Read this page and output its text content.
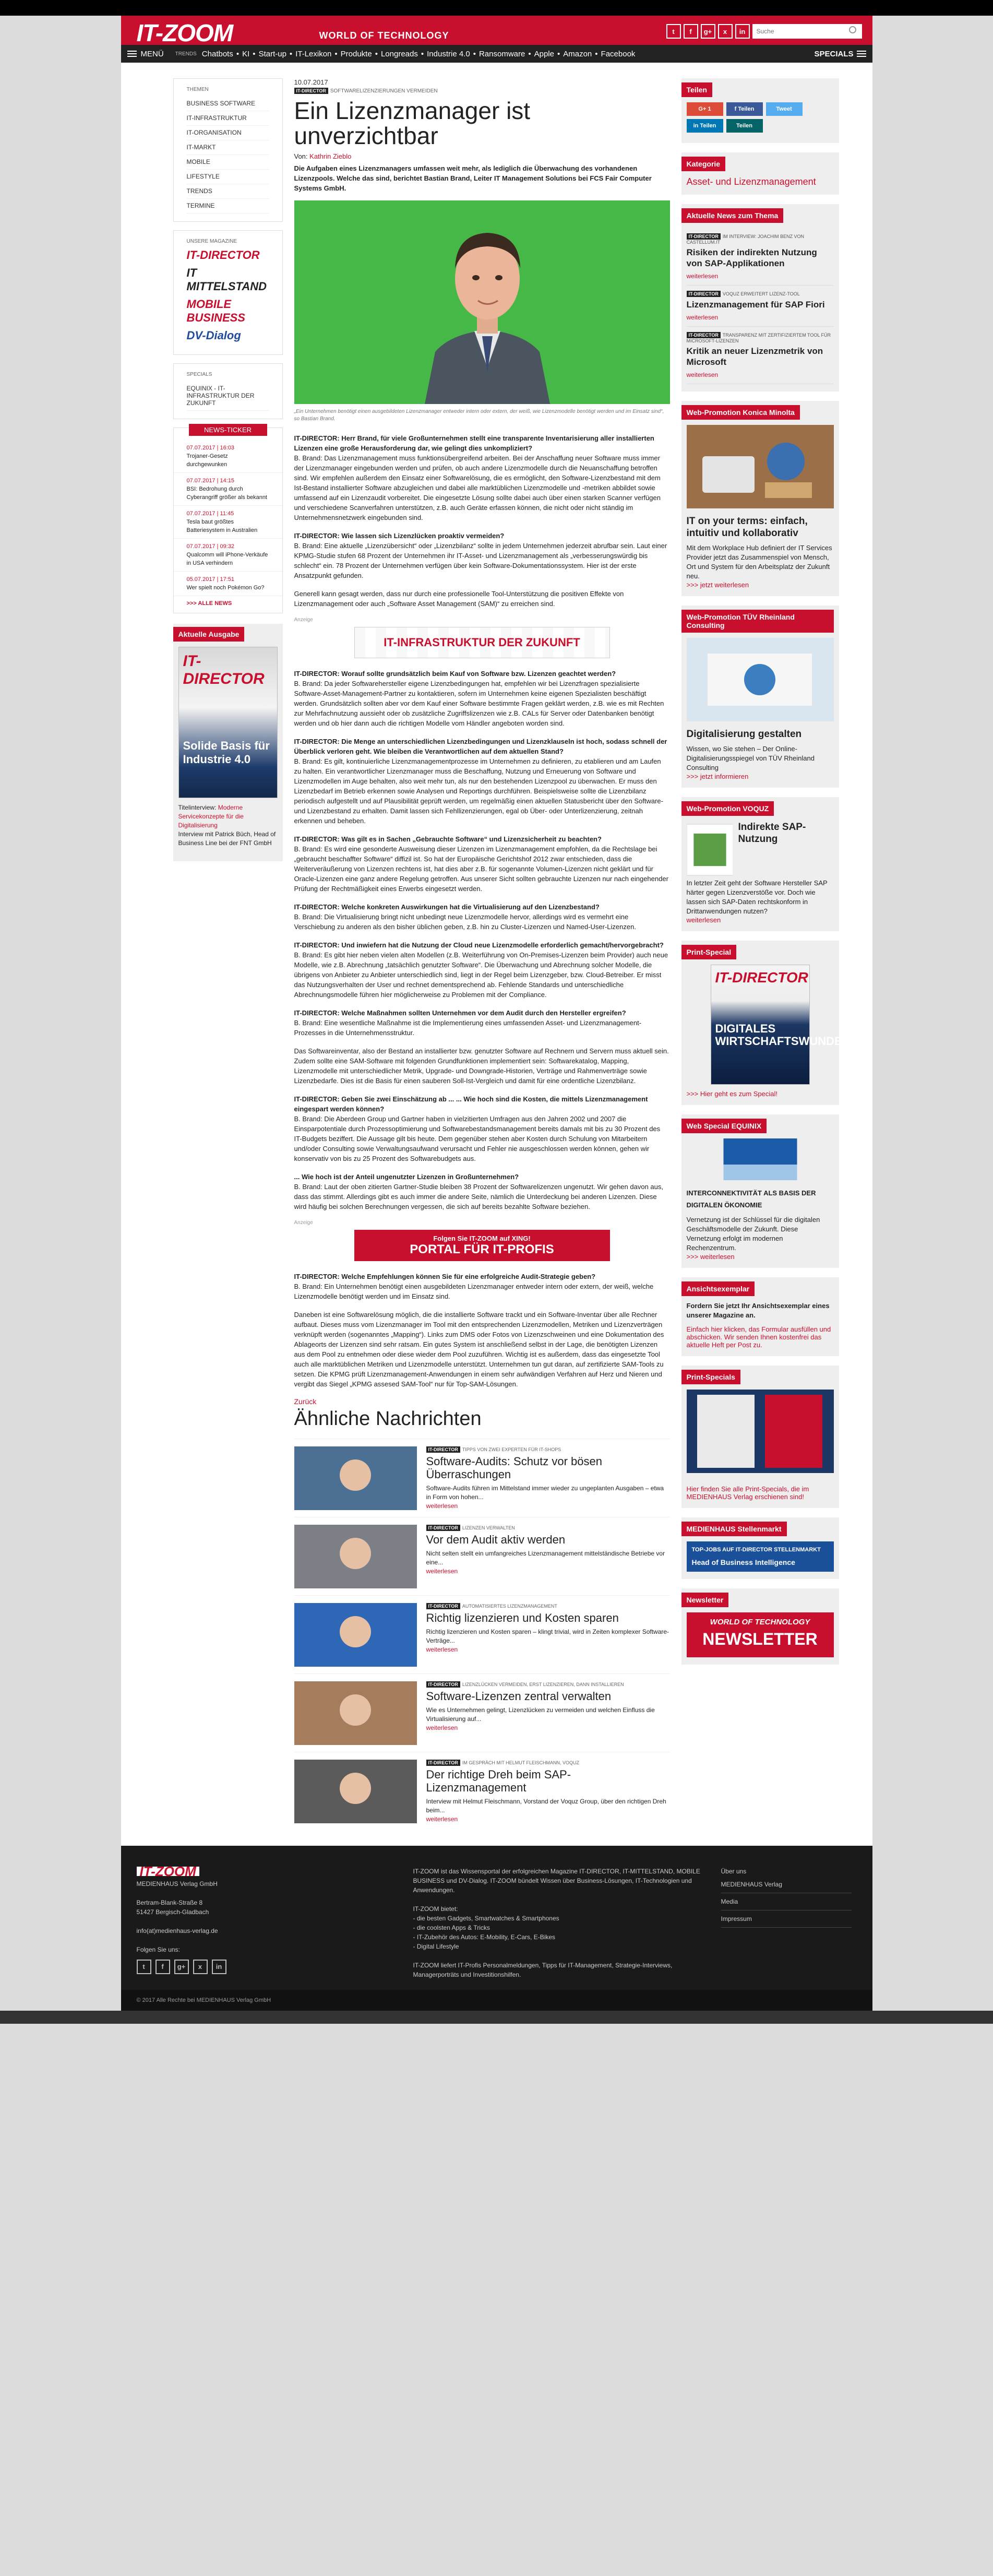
IT-ZOOM	WORLD OF TECHNOLOGY	t	f	g+	x	in
Suche
MENÜ TRENDS Chatbots • KI • Start-up • IT-Lexikon • Produkte • Longreads • Industrie 4.0 • Ransomware • Apple • Amazon • Facebook	SPECIALS
THEMEN
BUSINESS SOFTWARE
IT-INFRASTRUKTUR
IT-ORGANISATION
IT-MARKT
MOBILE
LIFESTYLE
TRENDS
TERMINE
UNSERE MAGAZINE
IT-DIRECTOR
IT MITTELSTAND
MOBILE BUSINESS
DV-Dialog
SPECIALS
EQUINIX - IT-INFRASTRUKTUR DER ZUKUNFT
NEWS-TICKER
07.07.2017 | 16:03
Trojaner-Gesetz durchgewunken
07.07.2017 | 14:15
BSI: Bedrohung durch Cyberangriff größer als bekannt
07.07.2017 | 11:45
Tesla baut größtes Batteriesystem in Australien
07.07.2017 | 09:32
Qualcomm will iPhone-Verkäufe in USA verhindern
05.07.2017 | 17:51
Wer spielt noch Pokémon Go?
>>> ALLE NEWS
Aktuelle Ausgabe
IT-DIRECTOR
Solide Basis für Industrie 4.0
Titelinterview: Moderne Servicekonzepte für die Digitalisierung
Interview mit Patrick Büch, Head of Business Line bei der FNT GmbH
10.07.2017
IT-DIRECTOR SOFTWARELIZENZIERUNGEN VERMEIDEN
Ein Lizenzmanager ist unverzichtbar
Von: Kathrin Zieblo
Die Aufgaben eines Lizenzmanagers umfassen weit mehr, als lediglich die Überwachung des vorhandenen Lizenzpools. Welche das sind, berichtet Bastian Brand, Leiter IT Management Solutions bei FCS Fair Computer Systems GmbH.
„Ein Unternehmen benötigt einen ausgebildeten Lizenzmanager entweder intern oder extern, der weiß, wie Lizenzmodelle benötigt werden und im Einsatz sind“, so Bastian Brand.

IT-DIRECTOR: Herr Brand, für viele Großunternehmen stellt eine transparente Inventarisierung aller installierten Lizenzen eine große Herausforderung dar, wie gelingt dies unkompliziert?
B. Brand: Das Lizenzmanagement muss funktionsübergreifend arbeiten. Bei der Anschaffung neuer Software muss immer der Lizenzmanager eingebunden werden und prüfen, ob auch andere Lizenzmodelle durch die Neuanschaffung betroffen sind. Wir empfehlen außerdem den Einsatz einer Softwarelösung, die es ermöglicht, den Software-Lizenzbestand mit dem Ist-Bestand installierter Software abzugleichen und dabei alle marktüblichen Lizenzmodelle und -metriken abbildet sowie umfassend auf ein Lizenzaudit vorbereitet. Die eingesetzte Lösung sollte dabei auch über einen starken Scanner verfügen und verschiedene Scanverfahren unterstützen, z.B. auch Geräte erfassen können, die nicht oder nicht ständig im Unternehmensnetzwerk eingebunden sind.

IT-DIRECTOR: Wie lassen sich Lizenzlücken proaktiv vermeiden?
B. Brand: Eine aktuelle „Lizenzübersicht“ oder „Lizenzbilanz“ sollte in jedem Unternehmen jederzeit abrufbar sein. Laut einer KPMG-Studie stufen 68 Prozent der Unternehmen ihr IT-Asset- und Lizenzmanagement als „verbesserungswürdig bis schlecht“ ein. 78 Prozent der Unternehmen verfügen über kein Software-Dokumentationssystem. Hier ist der erste Ansatzpunkt gefunden.

Generell kann gesagt werden, dass nur durch eine professionelle Tool-Unterstützung die positiven Effekte von Lizenzmanagement oder auch „Software Asset Management (SAM)“ zu erreichen sind.

Anzeige
IT-INFRASTRUKTUR DER ZUKUNFT

IT-DIRECTOR: Worauf sollte grundsätzlich beim Kauf von Software bzw. Lizenzen geachtet werden?
B. Brand: Da jeder Softwarehersteller eigene Lizenzbedingungen hat, empfehlen wir bei Lizenzfragen spezialisierte Software-Asset-Management-Partner zu kontaktieren, sofern im Unternehmen keine eigenen Spezialisten beschäftigt werden. Grundsätzlich sollten aber vor dem Kauf einer Software bestimmte Fragen geklärt werden, z.B. wie es mit Rechten zur Mehrfachnutzung aussieht oder ob zusätzliche Zugriffslizenzen wie z.B. CALs für Server oder Datenbanken benötigt werden und ob hier dann auch die richtigen Modelle vom Händler angeboten worden sind.

IT-DIRECTOR: Die Menge an unterschiedlichen Lizenzbedingungen und Lizenzklauseln ist hoch, sodass schnell der Überblick verloren geht. Wie bleiben die Verantwortlichen auf dem aktuellen Stand?
B. Brand: Es gilt, kontinuierliche Lizenzmanagementprozesse im Unternehmen zu definieren, zu etablieren und am Laufen zu halten. Ein verantwortlicher Lizenzmanager muss die Beschaffung, Nutzung und Erneuerung von Software und Lizenzmodellen im Auge behalten, also weit mehr tun, als nur den bestehenden Lizenzpool zu überwachen. Er muss den Lizenzbedarf im Betrieb erkennen sowie Analysen und Reportings durchführen. Beispielsweise sollte die Lizenzbilanz periodisch aufgestellt und auf Plausibilität geprüft werden, um regelmäßig einen aktuellen Statusbericht über den Software- und Lizenzbestand zu erhalten. Damit lassen sich Fehllizenzierungen, egal ob Über- oder Unterlizenzierung, zeitnah erkennen und beheben.

IT-DIRECTOR: Was gilt es in Sachen „Gebrauchte Software“ und Lizenzsicherheit zu beachten?
B. Brand: Es wird eine gesonderte Ausweisung dieser Lizenzen im Lizenzmanagement empfohlen, da die Rechtslage bei „gebraucht beschaffter Software“ diffizil ist. So hat der Europäische Gerichtshof 2012 zwar entschieden, dass die Weiterveräußerung von Lizenzen rechtens ist, hat dies aber z.B. für sogenannte Volumen-Lizenzen nicht geklärt und für Oracle-Lizenzen eine ganz andere Regelung getroffen. Aus unserer Sicht sollten gebrauchte Lizenzen nur nach eingehender Prüfung der Rechtmäßigkeit eines Erwerbs eingesetzt werden.

IT-DIRECTOR: Welche konkreten Auswirkungen hat die Virtualisierung auf den Lizenzbestand?
B. Brand: Die Virtualisierung bringt nicht unbedingt neue Lizenzmodelle hervor, allerdings wird es vermehrt eine Verschiebung zu anderen als den bisher üblichen geben, z.B. hin zu Cluster-Lizenzen und Named-User-Lizenzen.

IT-DIRECTOR: Und inwiefern hat die Nutzung der Cloud neue Lizenzmodelle erforderlich gemacht/hervorgebracht?
B. Brand: Es gibt hier neben vielen alten Modellen (z.B. Weiterführung von On-Premises-Lizenzen beim Provider) auch neue Modelle, wie z.B. Abrechnung „tatsächlich genutzter Software“. Die Überwachung und Abrechnung solcher Modelle, die übrigens von Anbieter zu Anbieter unterschiedlich sind, liegt in der Regel beim Lizenzgeber, bzw. Cloud-Betreiber. Er misst das Nutzungsverhalten der User und rechnet dementsprechend ab. Fehlende Standards und unterschiedliche Abrechnungsmodelle führen hier möglicherweise zu Problemen mit der Compliance.

IT-DIRECTOR: Welche Maßnahmen sollten Unternehmen vor dem Audit durch den Hersteller ergreifen?
B. Brand: Eine wesentliche Maßnahme ist die Implementierung eines umfassenden Asset- und Lizenzmanagement-Prozesses in die Unternehmensstruktur.

Das Softwareinventar, also der Bestand an installierter bzw. genutzter Software auf Rechnern und Servern muss aktuell sein. Zudem sollte eine SAM-Software mit folgenden Grundfunktionen implementiert sein: Softwarekatalog, Mapping, Lizenzmodelle mit unterschiedlicher Metrik, Upgrade- und Downgrade-Historien, Verträge und Rahmenverträge sowie Lizenzbedarfe. Dies ist die Basis für einen sauberen Soll-Ist-Vergleich und damit für eine ordentliche Lizenzbilanz.

IT-DIRECTOR: Geben Sie zwei Einschätzung ab ... ... Wie hoch sind die Kosten, die mittels Lizenzmanagement eingespart werden können?
B. Brand: Die Aberdeen Group und Gartner haben in vielzitierten Umfragen aus den Jahren 2002 und 2007 die Einsparpotentiale durch Prozessoptimierung und Softwarebestandsmanagement bereits damals mit bis zu 30 Prozent des IT-Budgets beziffert. Die Aussage gilt bis heute. Dem gegenüber stehen aber Kosten durch Schulung von Mitarbeitern und/oder Consulting sowie Verwaltungsaufwand verursacht und Fehler nie ausgeschlossen werden können, gehen wir konservativ von bis zu 25 Prozent des Softwarebudgets aus.

... Wie hoch ist der Anteil ungenutzter Lizenzen in Großunternehmen?
B. Brand: Laut der oben zitierten Gartner-Studie bleiben 38 Prozent der Softwarelizenzen ungenutzt. Wir gehen davon aus, dass das stimmt. Allerdings gibt es auch immer die andere Seite, nämlich die Unterdeckung bei anderen Lizenzen. Diese wird häufig bei solchen Berechnungen vergessen, die sich auf bereits bezahlte Software beziehen.

Anzeige
Folgen Sie IT-ZOOM auf XING!
PORTAL FÜR IT-PROFIS

IT-DIRECTOR: Welche Empfehlungen können Sie für eine erfolgreiche Audit-Strategie geben?
B. Brand: Ein Unternehmen benötigt einen ausgebildeten Lizenzmanager entweder intern oder extern, der weiß, welche Lizenzmodelle benötigt werden und im Einsatz sind.

Daneben ist eine Softwarelösung möglich, die die installierte Software trackt und ein Software-Inventar über alle Rechner aufbaut. Dieses muss vom Lizenzmanager im Tool mit den entsprechenden Lizenzmodellen, Metriken und Lizenzverträgen verknüpft werden (sogenanntes „Mapping“). Links zum DMS oder Fotos von Lizenzschweinen und eine Dokumentation des Ablageorts der Lizenzen sind sehr ratsam. Ein gutes System ist anschließend selbst in der Lage, die benötigten Lizenzen aus dem Pool zu entnehmen oder diese wieder dem Pool zuzuführen. Wichtig ist es außerdem, dass das eingesetzte Tool auch alle marktüblichen Metriken und Lizenzmodelle unterstützt. Unternehmen tun gut daran, auf zertifizierte SAM-Tools zu setzen. Die KPMG prüft Lizenzmanagement-Anwendungen in einem sehr aufwändigen Verfahren auf Herz und Nieren und vergibt das Siegel „KPMG assesed SAM-Tool“ nur für Top-SAM-Lösungen.

Zurück
Ähnliche Nachrichten
IT-DIRECTOR TIPPS VON ZWEI EXPERTEN FÜR IT-SHOPS
Software-Audits: Schutz vor bösen Überraschungen
Software-Audits führen im Mittelstand immer wieder zu ungeplanten Ausgaben – etwa in Form von hohen...
weiterlesen
IT-DIRECTOR LIZENZEN VERWALTEN
Vor dem Audit aktiv werden
Nicht selten stellt ein umfangreiches Lizenzmanagement mittelständische Betriebe vor eine...
weiterlesen
IT-DIRECTOR AUTOMATISIERTES LIZENZMANAGEMENT
Richtig lizenzieren und Kosten sparen
Richtig lizenzieren und Kosten sparen – klingt trivial, wird in Zeiten komplexer Software-Verträge...
weiterlesen
IT-DIRECTOR LIZENZLÜCKEN VERMEIDEN, ERST LIZENZIEREN, DANN INSTALLIEREN
Software-Lizenzen zentral verwalten
Wie es Unternehmen gelingt, Lizenzlücken zu vermeiden und welchen Einfluss die Virtualisierung auf...
weiterlesen
IT-DIRECTOR IM GESPRÄCH MIT HELMUT FLEISCHMANN, VOQUZ
Der richtige Dreh beim SAP-Lizenzmanagement
Interview mit Helmut Fleischmann, Vorstand der Voquz Group, über den richtigen Dreh beim...
weiterlesen
Teilen
G+ 1	f Teilen	Tweet
in Teilen	Teilen
Kategorie
Asset- und Lizenzmanagement
Aktuelle News zum Thema
IT-DIRECTOR IM INTERVIEW: JOACHIM BENZ VON CASTELLUM.IT
Risiken der indirekten Nutzung von SAP-Applikationen
weiterlesen
IT-DIRECTOR VOQUZ ERWEITERT LIZENZ-TOOL
Lizenzmanagement für SAP Fiori
weiterlesen
IT-DIRECTOR TRANSPARENZ MIT ZERTIFIZIERTEM TOOL FÜR MICROSOFT-LIZENZEN
Kritik an neuer Lizenzmetrik von Microsoft
weiterlesen
Web-Promotion Konica Minolta
IT on your terms: einfach, intuitiv und kollaborativ
Mit dem Workplace Hub definiert der IT Services Provider jetzt das Zusammenspiel von Mensch, Ort und System für den Arbeitsplatz der Zukunft neu.
>>> jetzt weiterlesen
Web-Promotion TÜV Rheinland Consulting
Digitalisierung gestalten
Wissen, wo Sie stehen – Der Online-Digitalisierungsspiegel von TÜV Rheinland Consulting
>>> jetzt informieren
Web-Promotion VOQUZ
Indirekte SAP-Nutzung
In letzter Zeit geht der Software Hersteller SAP härter gegen Lizenzverstöße vor. Doch wie lassen sich SAP-Daten rechtskonform in Drittanwendungen nutzen?
weiterlesen
Print-Special
IT-DIRECTOR
DIGITALES WIRTSCHAFTSWUNDER
>>> Hier geht es zum Special!
Web Special EQUINIX
INTERCONNEKTIVITÄT ALS BASIS DER DIGITALEN ÖKONOMIE
Vernetzung ist der Schlüssel für die digitalen Geschäftsmodelle der Zukunft. Diese Vernetzung erfolgt im modernen Rechenzentrum.
>>> weiterlesen
Ansichtsexemplar
Fordern Sie jetzt Ihr Ansichtsexemplar eines unserer Magazine an.
Einfach hier klicken, das Formular ausfüllen und abschicken. Wir senden Ihnen kostenfrei das aktuelle Heft per Post zu.
Print-Specials
Hier finden Sie alle Print-Specials, die im MEDIENHAUS Verlag erschienen sind!
MEDIENHAUS Stellenmarkt
TOP-JOBS AUF IT-DIRECTOR STELLENMARKT
Head of Business Intelligence
Newsletter
WORLD OF TECHNOLOGY
NEWSLETTER
IT-ZOOM
MEDIENHAUS Verlag GmbH

Bertram-Blank-Straße 8
51427 Bergisch-Gladbach

info(at)medienhaus-verlag.de

Folgen Sie uns:
t	f	g+	x	in

IT-ZOOM ist das Wissensportal der erfolgreichen Magazine IT-DIRECTOR, IT-MITTELSTAND, MOBILE BUSINESS und DV-Dialog. IT-ZOOM bündelt Wissen über Business-Lösungen, IT-Technologien und Anwendungen.

IT-ZOOM bietet:

- die besten Gadgets, Smartwatches & Smartphones

- die coolsten Apps & Tricks

- IT-Zubehör des Autos: E-Mobility, E-Cars, E-Bikes

- Digital Lifestyle

IT-ZOOM liefert IT-Profis Personalmeldungen, Tipps für IT-Management, Strategie-Interviews, Managerporträts und Investitionshilfen.

Über uns
MEDIENHAUS Verlag
Media
Impressum
© 2017 Alle Rechte bei MEDIENHAUS Verlag GmbH
